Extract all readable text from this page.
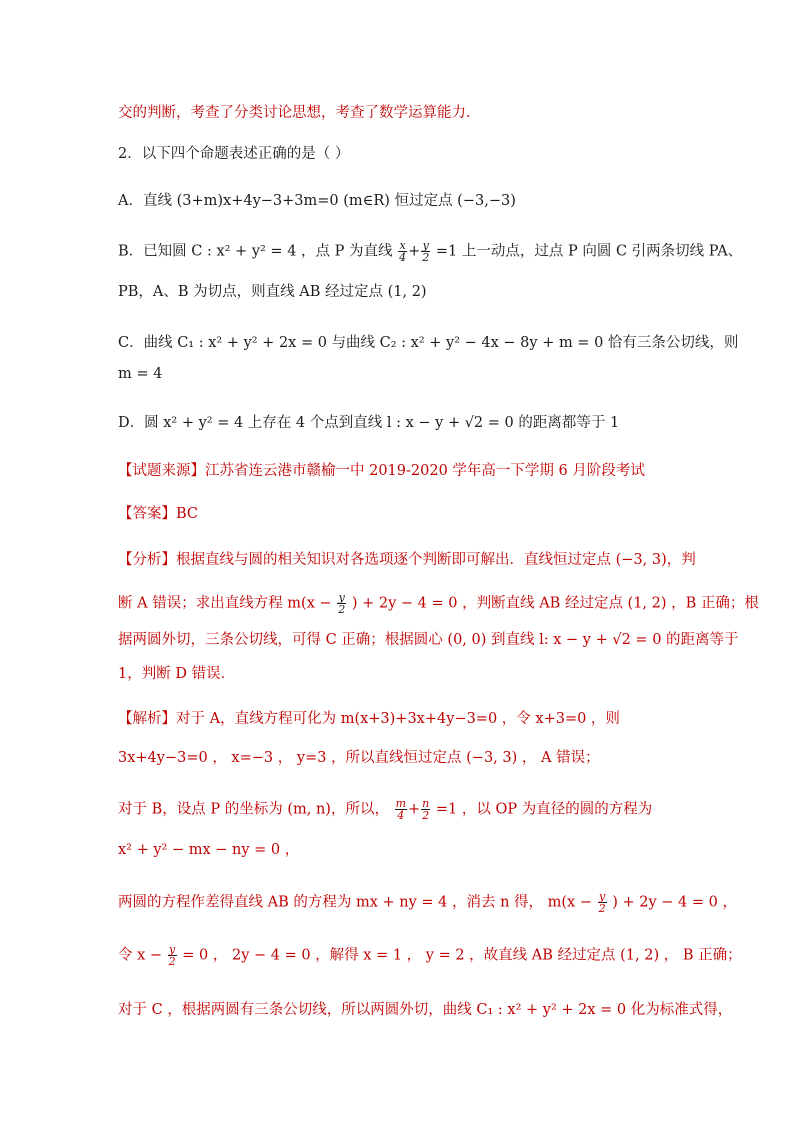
交的判断，考查了分类讨论思想，考查了数学运算能力．
2．以下四个命题表述正确的是（ ）
A．直线 (3+m)x+4y−3+3m=0 (m∈R) 恒过定点 (−3,−3)
B．已知圆 C : x² + y² = 4 ，点 P 为直线 $\frac{x}{4} + \frac{y}{2} =1$ 上一动点，过点 P 向圆 C 引两条切线 PA、
PB，A、B 为切点，则直线 AB 经过定点 (1, 2)
C．曲线 C₁ : x² + y² + 2x = 0 与曲线 C₂ : x² + y² − 4x − 8y + m = 0 恰有三条公切线，则
m = 4
D．圆 x² + y² = 4 上存在 4 个点到直线 l : x − y + √2 = 0 的距离都等于 1
【试题来源】江苏省连云港市赣榆一中 2019-2020 学年高一下学期 6 月阶段考试
【答案】BC
【分析】根据直线与圆的相关知识对各选项逐个判断即可解出．直线恒过定点 (−3, 3)，判
断 A 错误；求出直线方程 $m(x - \frac{y}{2}$ ) + 2y − 4 = 0 ，判断直线 AB 经过定点 (1, 2) ，B 正确；根
据两圆外切，三条公切线，可得 C 正确；根据圆心 (0, 0) 到直线 l: x − y + √2 = 0 的距离等于
1，判断 D 错误．
【解析】对于 A，直线方程可化为 m(x+3)+3x+4y−3=0 ，令 x+3=0 ，则
3x+4y−3=0 ， x=−3 ， y=3 ，所以直线恒过定点 (−3, 3) ， A 错误；
对于 B，设点 P 的坐标为 (m, n)，所以， $\frac{m}{4} + \frac{n}{2} =1$ ，以 OP 为直径的圆的方程为
x² + y² − mx − ny = 0 ，
两圆的方程作差得直线 AB 的方程为 mx + ny = 4 ，消去 n 得， $m(x - \frac{y}{2}$ ) + 2y − 4 = 0 ，
令 $x - \frac{y}{2} = 0$ ， 2y − 4 = 0 ，解得 x = 1 ， y = 2 ，故直线 AB 经过定点 (1, 2) ， B 正确；
对于 C ，根据两圆有三条公切线，所以两圆外切，曲线 C₁ : x² + y² + 2x = 0 化为标准式得，
